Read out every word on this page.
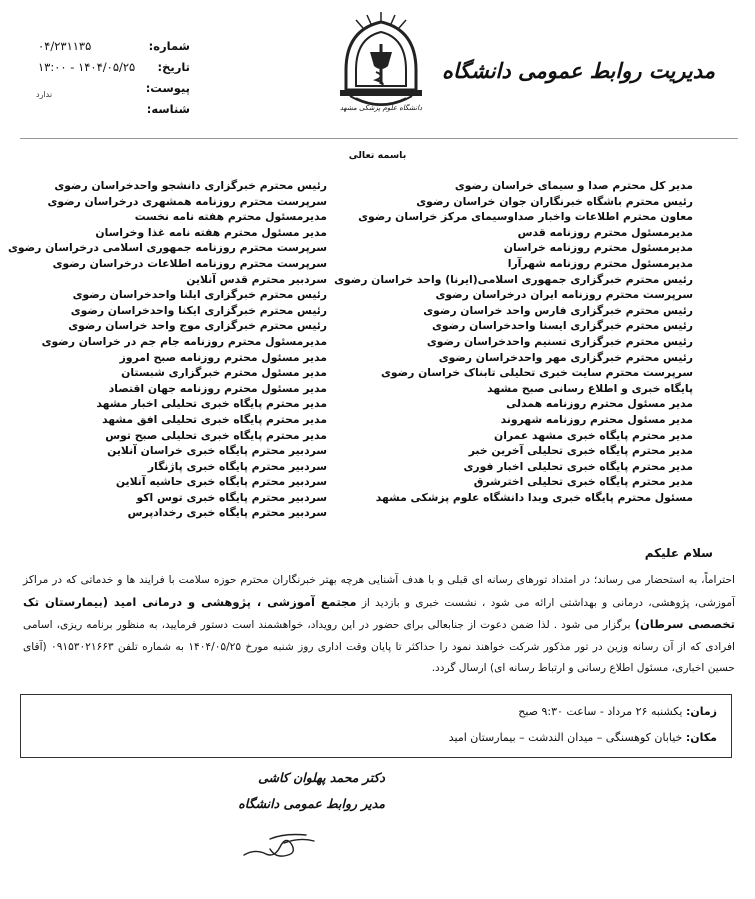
مدیریت روابط عمومی دانشگاه
شماره:
۰۴/۲۳۱۱۳۵
تاریخ:
۱۴۰۴/۰۵/۲۵ - ۱۳:۰۰
پیوست:
ندارد
شناسه:	دانشگاه علوم پزشکی مشهد
باسمه تعالی
مدیر کل محترم صدا و سیمای خراسان رضوی
رئیس محترم باشگاه خبرنگاران جوان خراسان رضوی
معاون محترم اطلاعات واخبار صداوسیمای مرکز خراسان رضوی
مدیرمسئول محترم روزنامه قدس
مدیرمسئول محترم روزنامه خراسان
مدیرمسئول محترم روزنامه شهرآرا
رئیس محترم خبرگزاری جمهوری اسلامی(ایرنا) واحد خراسان رضوی
سرپرست محترم روزنامه ایران درخراسان رضوی
رئیس محترم خبرگزاری فارس واحد خراسان رضوی
رئیس محترم خبرگزاری ایسنا واحدخراسان رضوی
رئیس محترم خبرگزاری تسنیم واحدخراسان رضوی
رئیس محترم خبرگزاری مهر واحدخراسان رضوی
سرپرست محترم سایت خبری تحلیلی تابناک خراسان رضوی
پایگاه خبری و اطلاع رسانی صبح مشهد
مدیر مسئول محترم روزنامه همدلی
مدیر مسئول محترم روزنامه شهروند
مدیر محترم پایگاه خبری مشهد عمران
مدیر محترم پایگاه خبری تحلیلی آخرین خبر
مدیر محترم پایگاه خبری تحلیلی اخبار فوری
مدیر محترم پایگاه خبری تحلیلی اخترشرق
مسئول محترم پایگاه خبری وبدا دانشگاه علوم پزشکی مشهد
رئیس محترم خبرگزاری دانشجو واحدخراسان رضوی
سرپرست محترم روزنامه همشهری درخراسان رضوی
مدیرمسئول محترم هفته نامه نخست
مدیر مسئول محترم هفته نامه غذا وخراسان
سرپرست محترم روزنامه جمهوری اسلامی درخراسان رضوی
سرپرست محترم روزنامه اطلاعات درخراسان رضوی
سردبیر محترم قدس آنلاین
رئیس محترم خبرگزاری ایلنا واحدخراسان رضوی
رئیس محترم خبرگزاری ایکنا واحدخراسان رضوی
رئیس محترم خبرگزاری موج واحد خراسان رضوی
مدیرمسئول محترم روزنامه جام جم در خراسان رضوی
مدیر مسئول محترم روزنامه صبح امروز
مدیر مسئول محترم خبرگزاری شبستان
مدیر مسئول محترم روزنامه جهان اقتصاد
مدیر محترم پایگاه خبری تحلیلی اخبار مشهد
مدیر محترم پایگاه خبری تحلیلی افق مشهد
مدیر محترم پایگاه خبری تحلیلی صبح توس
سردبیر محترم پایگاه خبری خراسان آنلاین
سردبیر محترم پایگاه خبری پاژنگار
سردبیر محترم پایگاه خبری حاشیه آنلاین
سردبیر محترم پایگاه خبری توس اکو
سردبیر محترم پایگاه خبری رخدادپرس
سلام علیکم
احتراماً، به استحضار می رساند؛ در امتداد تورهای رسانه ای قبلی و با هدف آشنایی هرچه بهتر خبرنگاران محترم حوزه سلامت با فرایند ها و خدماتی که در مراکز آموزشی، پژوهشی، درمانی و بهداشتی ارائه می شود ، نشست خبری و بازدید از مجتمع آموزشی ، پژوهشی و درمانی امید (بیمارستان تک تخصصی سرطان) برگزار می شود . لذا ضمن دعوت از جنابعالی برای حضور در این رویداد، خواهشمند است دستور فرمایید، به منظور برنامه ریزی، اسامی افرادی که از آن رسانه وزین در تور مذکور شرکت خواهند نمود را حداکثر تا پایان وقت اداری روز شنبه مورخ ۱۴۰۴/۰۵/۲۵ به شماره تلفن ۰۹۱۵۳۰۲۱۶۶۳ (آقای حسین اخباری، مسئول اطلاع رسانی و ارتباط رسانه ای) ارسال گردد.
زمان: یکشنبه ۲۶ مرداد - ساعت ۹:۳۰ صبح
مکان: خیابان کوهسنگی – میدان الندشت – بیمارستان امید
دکتر محمد پهلوان کاشی
مدیر روابط عمومی دانشگاه
